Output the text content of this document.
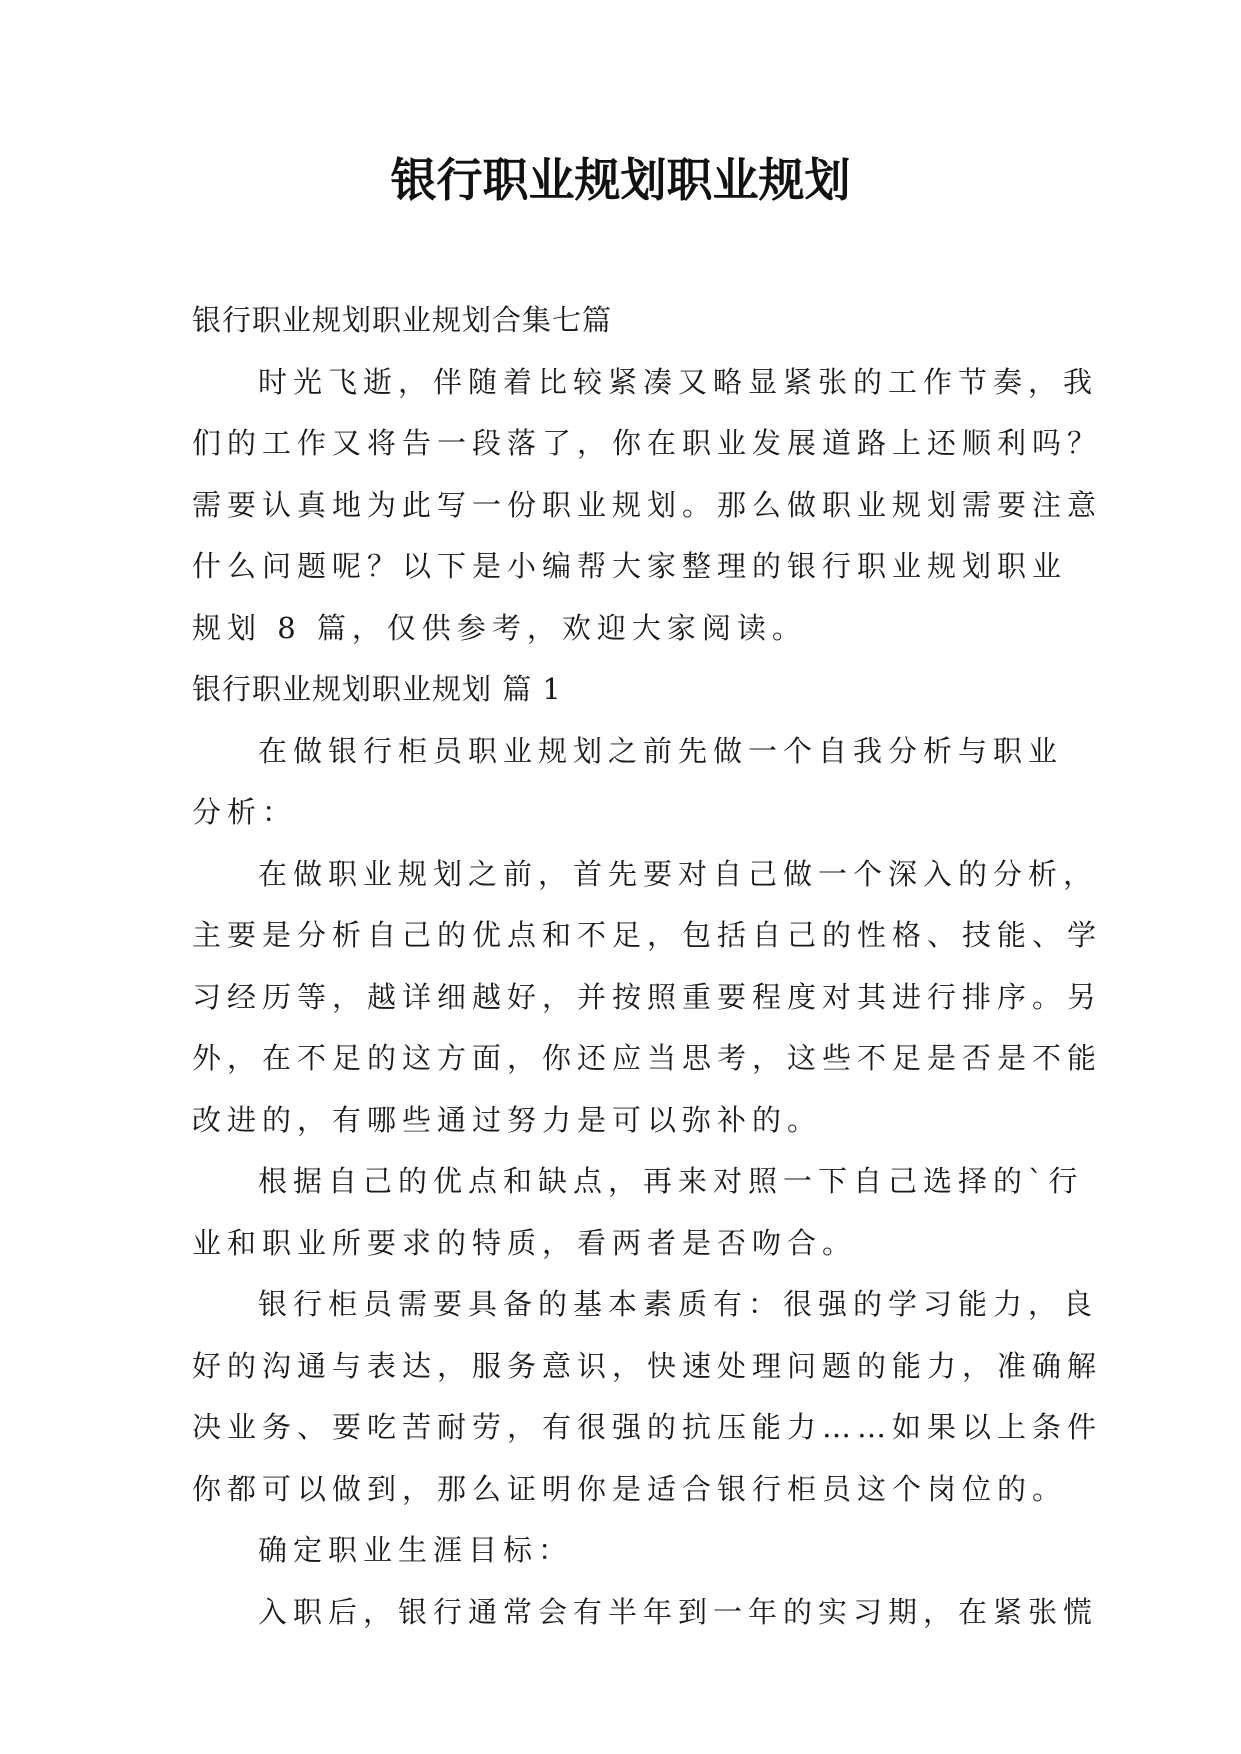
银行职业规划职业规划
银行职业规划职业规划合集七篇
时光飞逝，伴随着比较紧凑又略显紧张的工作节奏，我
们的工作又将告一段落了，你在职业发展道路上还顺利吗？
需要认真地为此写一份职业规划。那么做职业规划需要注意
什么问题呢？以下是小编帮大家整理的银行职业规划职业
规划 8 篇，仅供参考，欢迎大家阅读。
银行职业规划职业规划 篇 1
在做银行柜员职业规划之前先做一个自我分析与职业
分析：
在做职业规划之前，首先要对自己做一个深入的分析，
主要是分析自己的优点和不足，包括自己的性格、技能、学
习经历等，越详细越好，并按照重要程度对其进行排序。另
外，在不足的这方面，你还应当思考，这些不足是否是不能
改进的，有哪些通过努力是可以弥补的。
根据自己的优点和缺点，再来对照一下自己选择的`行
业和职业所要求的特质，看两者是否吻合。
银行柜员需要具备的基本素质有：很强的学习能力，良
好的沟通与表达，服务意识，快速处理问题的能力，准确解
决业务、要吃苦耐劳，有很强的抗压能力……如果以上条件
你都可以做到，那么证明你是适合银行柜员这个岗位的。
确定职业生涯目标：
入职后，银行通常会有半年到一年的实习期，在紧张慌
